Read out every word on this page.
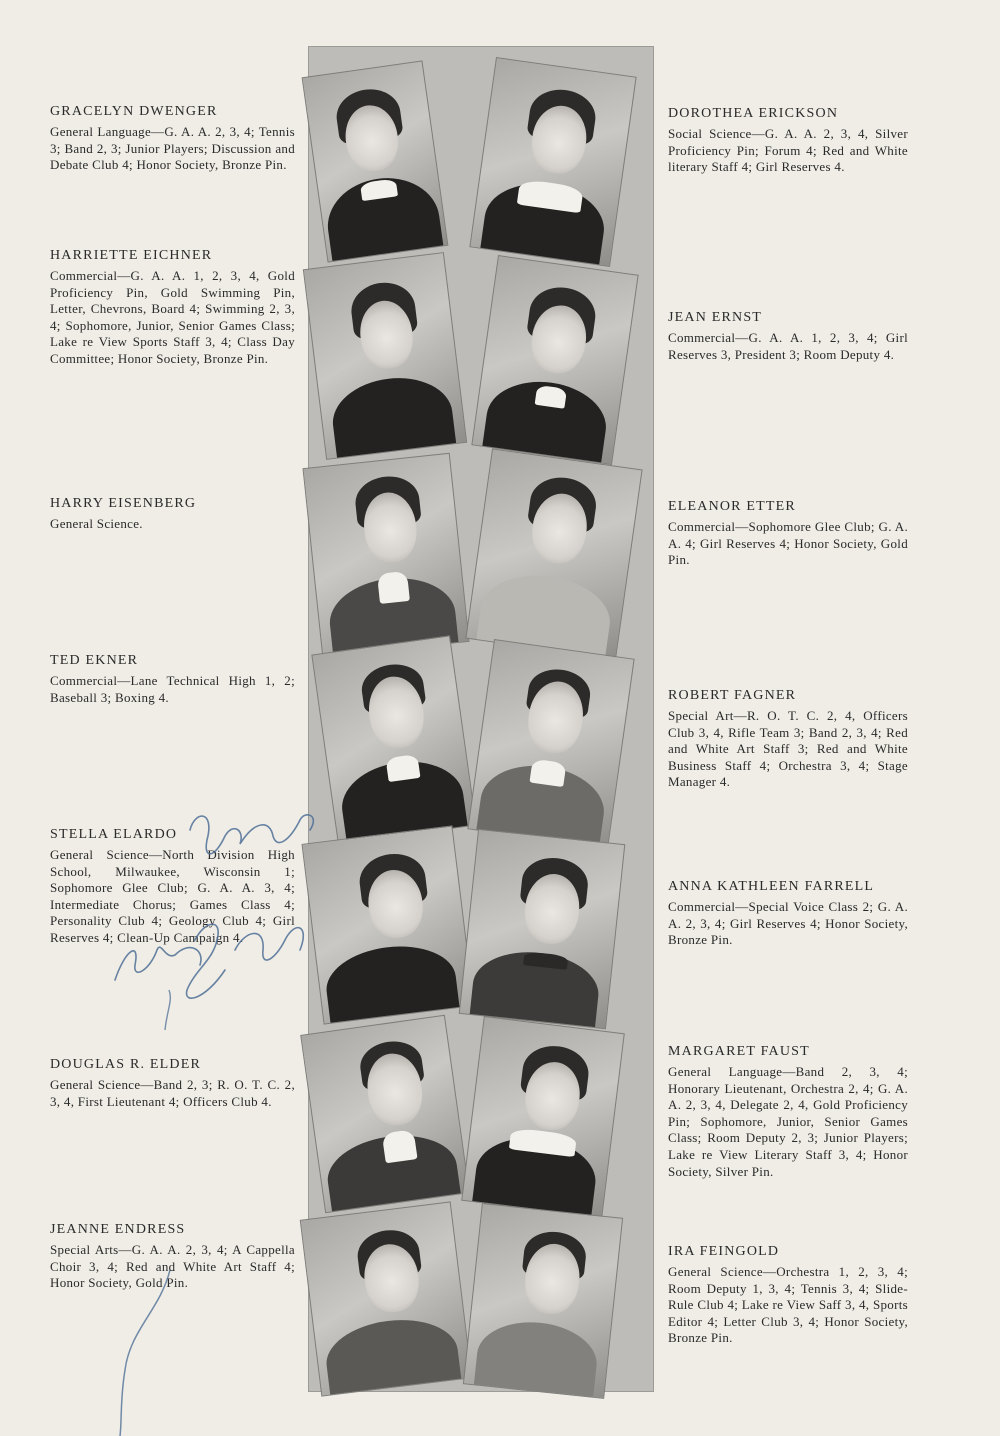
GRACELYN DWENGER

General Language—G. A. A. 2, 3, 4; Tennis 3; Band 2, 3; Junior Players; Discussion and Debate Club 4; Honor Society, Bronze Pin.

HARRIETTE EICHNER

Commercial—G. A. A. 1, 2, 3, 4, Gold Proficiency Pin, Gold Swimming Pin, Letter, Chevrons, Board 4; Swimming 2, 3, 4; Sophomore, Junior, Senior Games Class; Lake re View Sports Staff 3, 4; Class Day Committee; Honor Society, Bronze Pin.

HARRY EISENBERG

General Science.

TED EKNER

Commercial—Lane Technical High 1, 2; Baseball 3; Boxing 4.

STELLA ELARDO

General Science—North Division High School, Milwaukee, Wisconsin 1; Sophomore Glee Club; G. A. A. 3, 4; Intermediate Chorus; Games Class 4; Personality Club 4; Geology Club 4; Girl Reserves 4; Clean-Up Campaign 4.

DOUGLAS R. ELDER

General Science—Band 2, 3; R. O. T. C. 2, 3, 4, First Lieutenant 4; Officers Club 4.

JEANNE ENDRESS

Special Arts—G. A. A. 2, 3, 4; A Cappella Choir 3, 4; Red and White Art Staff 4; Honor Society, Gold Pin.

DOROTHEA ERICKSON

Social Science—G. A. A. 2, 3, 4, Silver Proficiency Pin; Forum 4; Red and White literary Staff 4; Girl Reserves 4.

JEAN ERNST

Commercial—G. A. A. 1, 2, 3, 4; Girl Reserves 3, President 3; Room Deputy 4.

ELEANOR ETTER

Commercial—Sophomore Glee Club; G. A. A. 4; Girl Reserves 4; Honor Society, Gold Pin.

ROBERT FAGNER

Special Art—R. O. T. C. 2, 4, Officers Club 3, 4, Rifle Team 3; Band 2, 3, 4; Red and White Art Staff 3; Red and White Business Staff 4; Orchestra 3, 4; Stage Manager 4.

ANNA KATHLEEN FARRELL

Commercial—Special Voice Class 2; G. A. A. 2, 3, 4; Girl Reserves 4; Honor Society, Bronze Pin.

MARGARET FAUST

General Language—Band 2, 3, 4; Honorary Lieutenant, Orchestra 2, 4; G. A. A. 2, 3, 4, Delegate 2, 4, Gold Proficiency Pin; Sophomore, Junior, Senior Games Class; Room Deputy 2, 3; Junior Players; Lake re View Literary Staff 3, 4; Honor Society, Silver Pin.

IRA FEINGOLD

General Science—Orchestra 1, 2, 3, 4; Room Deputy 1, 3, 4; Tennis 3, 4; Slide-Rule Club 4; Lake re View Saff 3, 4, Sports Editor 4; Letter Club 3, 4; Honor Society, Bronze Pin.
